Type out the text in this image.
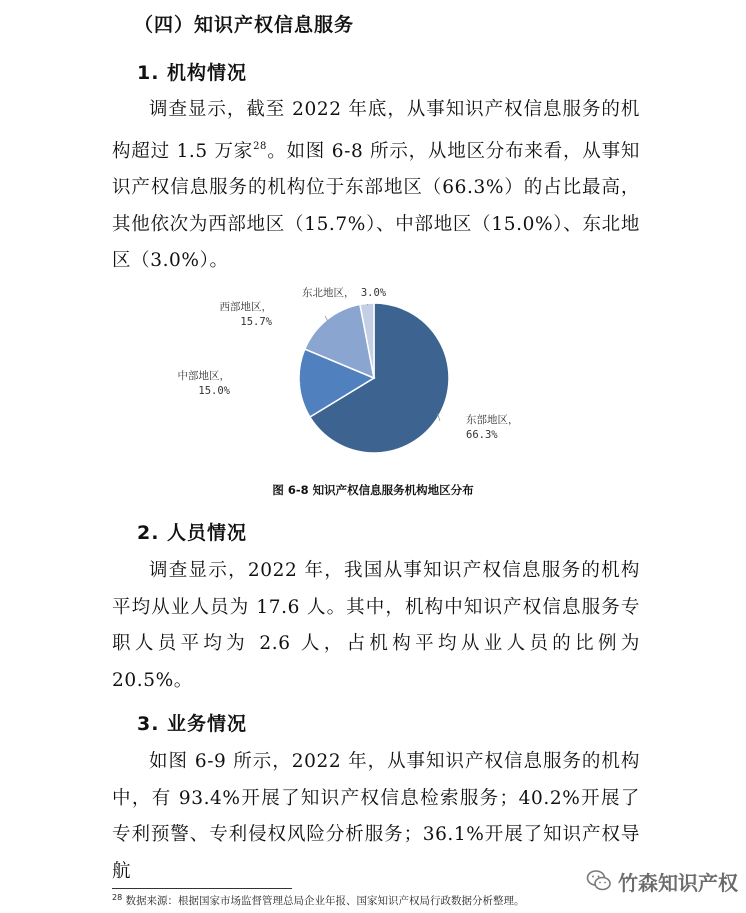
（四）知识产权信息服务
1. 机构情况
调查显示，截至 2022 年底，从事知识产权信息服务的机构超过 1.5 万家$^{28}$。如图 6-8 所示，从地区分布来看，从事知识产权信息服务的机构位于东部地区（66.3%）的占比最高，其他依次为西部地区（15.7%）、中部地区（15.0%）、东北地区（3.0%）。
东部地区， 66.3%
中部地区， 15.0%
西部地区， 15.7%
东北地区， 3.0%
图 6-8 知识产权信息服务机构地区分布
2. 人员情况
调查显示，2022 年，我国从事知识产权信息服务的机构平均从业人员为 17.6 人。其中，机构中知识产权信息服务专职人员平均为 2.6 人，占机构平均从业人员的比例为 20.5%。
3. 业务情况
如图 6-9 所示，2022 年，从事知识产权信息服务的机构中，有 93.4%开展了知识产权信息检索服务；40.2%开展了专利预警、专利侵权风险分析服务；36.1%开展了知识产权导航
$^{28}$ 数据来源：根据国家市场监督管理总局企业年报、国家知识产权局行政数据分析整理。
竹森知识产权
